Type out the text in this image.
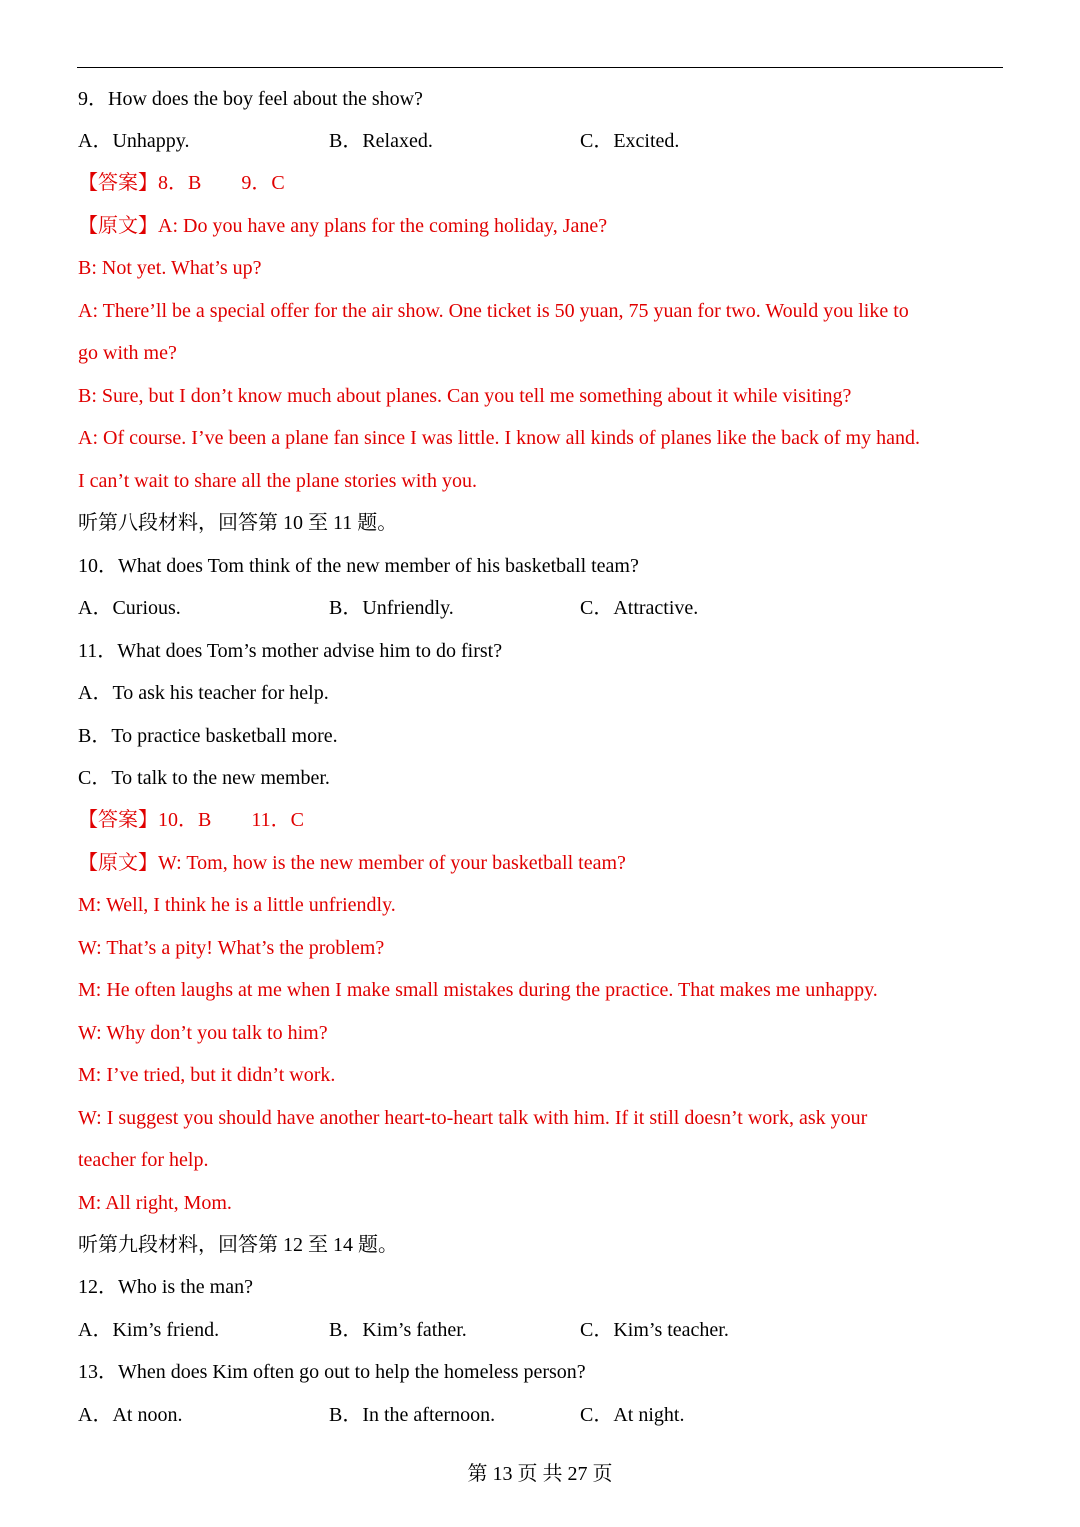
9．How does the boy feel about the show?
A．Unhappy.	B．Relaxed.	C．Excited.
【答案】8．B　　9．C
【原文】A: Do you have any plans for the coming holiday, Jane?
B: Not yet. What’s up?
A: There’ll be a special offer for the air show. One ticket is 50 yuan, 75 yuan for two. Would you like to
go with me?
B: Sure, but I don’t know much about planes. Can you tell me something about it while visiting?
A: Of course. I’ve been a plane fan since I was little. I know all kinds of planes like the back of my hand.
I can’t wait to share all the plane stories with you.
听第八段材料，回答第 10 至 11 题。
10．What does Tom think of the new member of his basketball team?
A．Curious.	B．Unfriendly.	C．Attractive.
11．What does Tom’s mother advise him to do first?
A．To ask his teacher for help.
B．To practice basketball more.
C．To talk to the new member.
【答案】10．B　　11．C
【原文】W: Tom, how is the new member of your basketball team?
M: Well, I think he is a little unfriendly.
W: That’s a pity! What’s the problem?
M: He often laughs at me when I make small mistakes during the practice. That makes me unhappy.
W: Why don’t you talk to him?
M: I’ve tried, but it didn’t work.
W: I suggest you should have another heart-to-heart talk with him. If it still doesn’t work, ask your
teacher for help.
M: All right, Mom.
听第九段材料，回答第 12 至 14 题。
12．Who is the man?
A．Kim’s friend.	B．Kim’s father.	C．Kim’s teacher.
13．When does Kim often go out to help the homeless person?
A．At noon.	B．In the afternoon.	C．At night.
第 13 页 共 27 页
